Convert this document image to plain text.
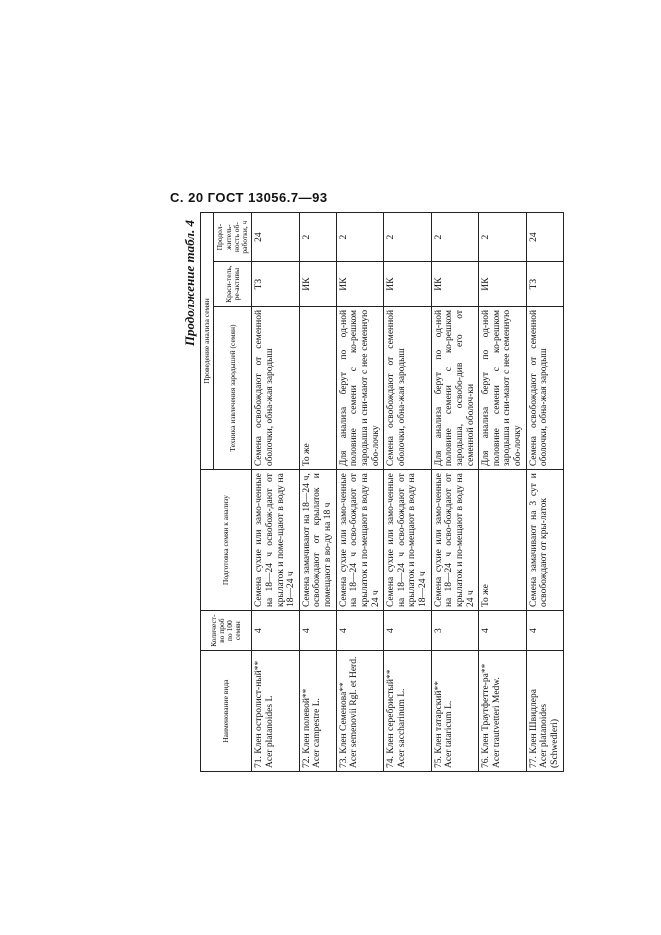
С. 20 ГОСТ 13056.7—93
Продолжение табл. 4
Наименование вида	Количест-во проб по 100 семян	Подготовка семян к анализу	Проведение анализа семян		
			Техника извлечения зародышей (семян)	Краси-тель, ре-активы	Продол-житель-ность об-работки, ч
71. Клен остролист-ный** Acer platanoides L	4	Семена сухие или замо-ченные на 18—24 ч освобож-дают от крылаток и поме-щают в воду на 18—24 ч	Семена освобождают от семенной оболочки, обна-жая зародыш	ТЗ	24
72. Клен полевой** Acer campestre L.	4	Семена замачивают на 18—24 ч, освобождают от крылаток и помещают в во-ду на 18 ч	То же	ИК	2
73. Клен Семенова** Acer semenovii Rgl. et Herd.	4	Семена сухие или замо-ченные на 18—24 ч осво-бождают от крылаток и по-мещают в воду на 24 ч	Для анализа берут по од-ной половине семени с ко-решком зародыша и сни-мают с нее семенную обо-лочку	ИК	2
74. Клен серебристый** Acer saccharinum L.	4	Семена сухие или замо-ченные на 18—24 ч осво-бождают от крылаток и по-мещают в воду на 18—24 ч	Семена освобождают от семенной оболочки, обна-жая зародыш	ИК	2
75. Клен татарский** Acer tataricum L.	3	Семена сухие или замо-ченные на 18—24 ч осво-бождают от крылаток и по-мещают в воду на 24 ч	Для анализа берут по од-ной половине семени с ко-решком зародыша, освобо-див его от семенной оболоч-ки	ИК	2
76. Клен Траутфетте-ра** Acer trautvetteri Medw.	4	То же	Для анализа берут по од-ной половине семени с ко-решком зародыша и сни-мают с нее семенную обо-лочку	ИК	2
77. Клен Швидлера Acer platanoides (Schwedleri)	4	Семена замачивают на 3 сут и освобождают от кры-латок	Семена освобождают от семенной оболочки, обна-жая зародыш	ТЗ	24
